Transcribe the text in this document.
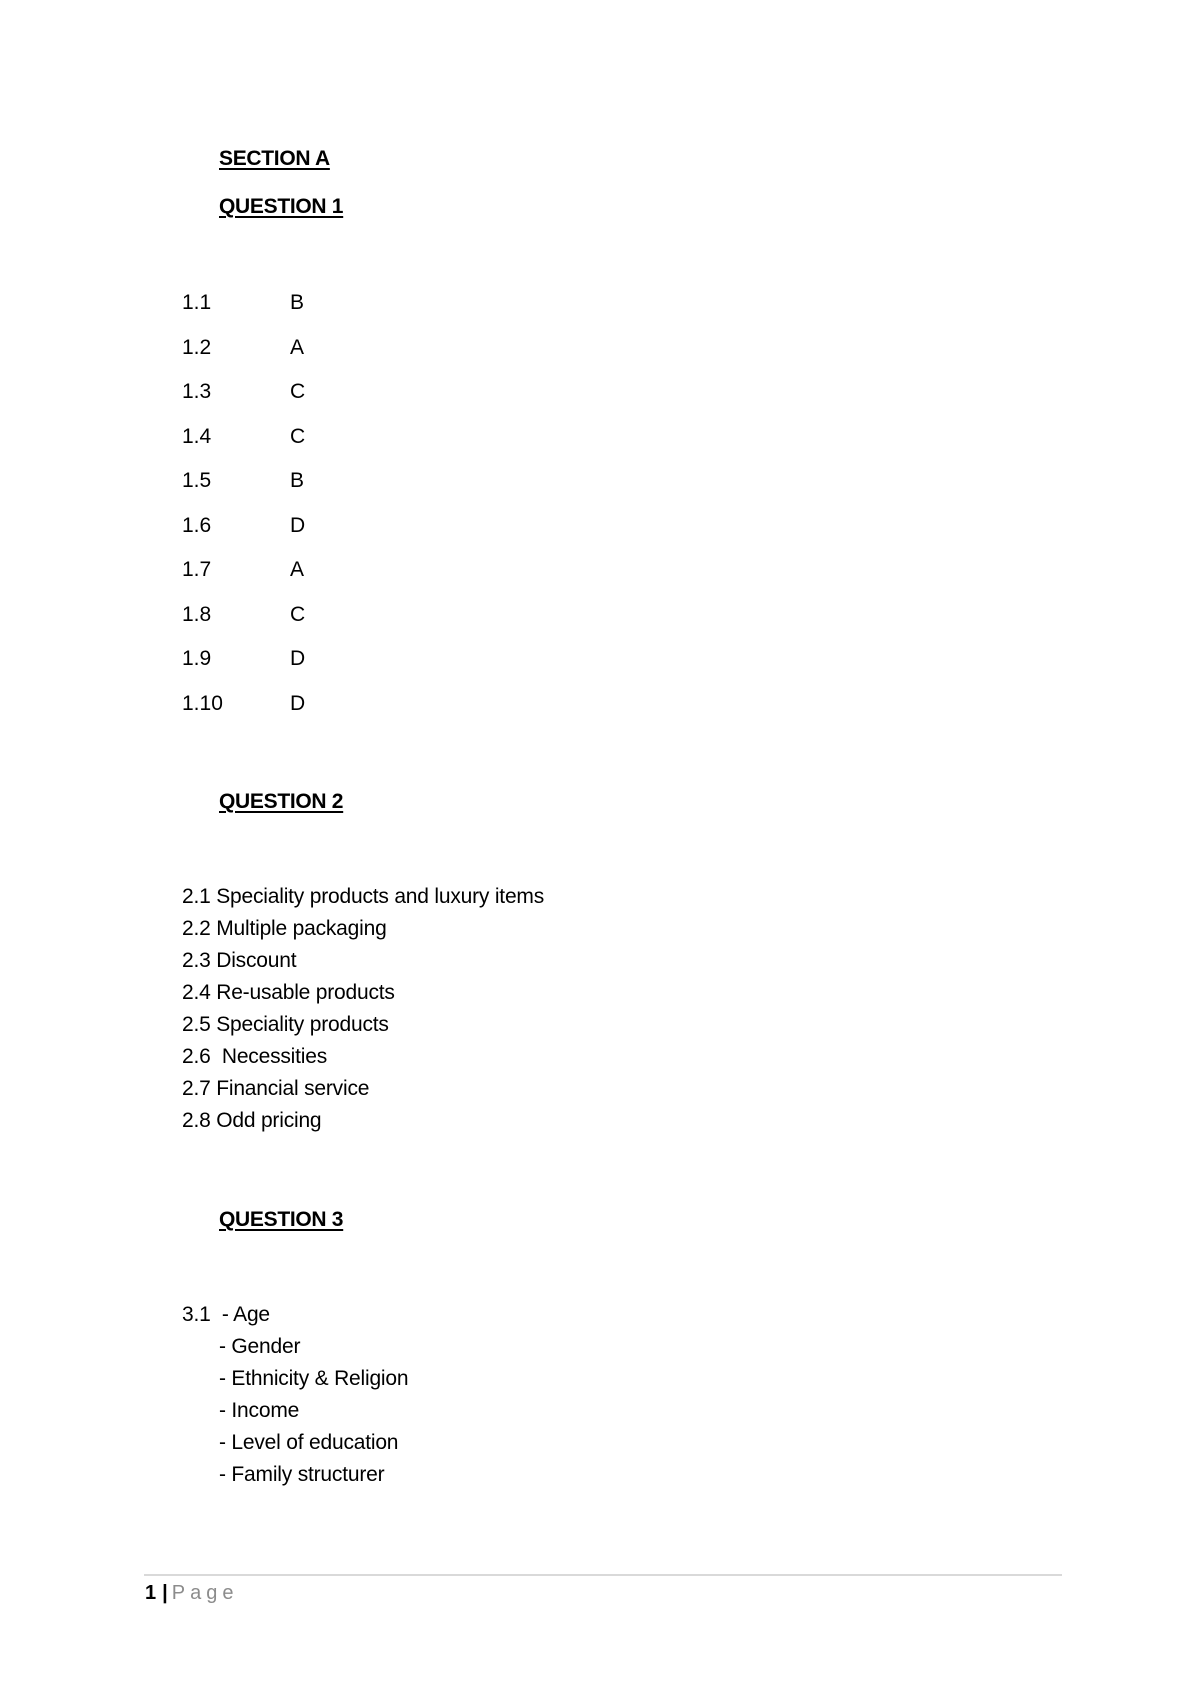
SECTION A
QUESTION 1
1.1	B
1.2	A
1.3	C
1.4	C
1.5	B
1.6	D
1.7	A
1.8	C
1.9	D
1.10	D
QUESTION 2
2.1 Speciality products and luxury items
2.2 Multiple packaging
2.3 Discount
2.4 Re-usable products
2.5 Speciality products
2.6  Necessities
2.7 Financial service
2.8 Odd pricing
QUESTION 3
3.1  - Age
- Gender
- Ethnicity & Religion
- Income
- Level of education
- Family structurer
1 | Page
